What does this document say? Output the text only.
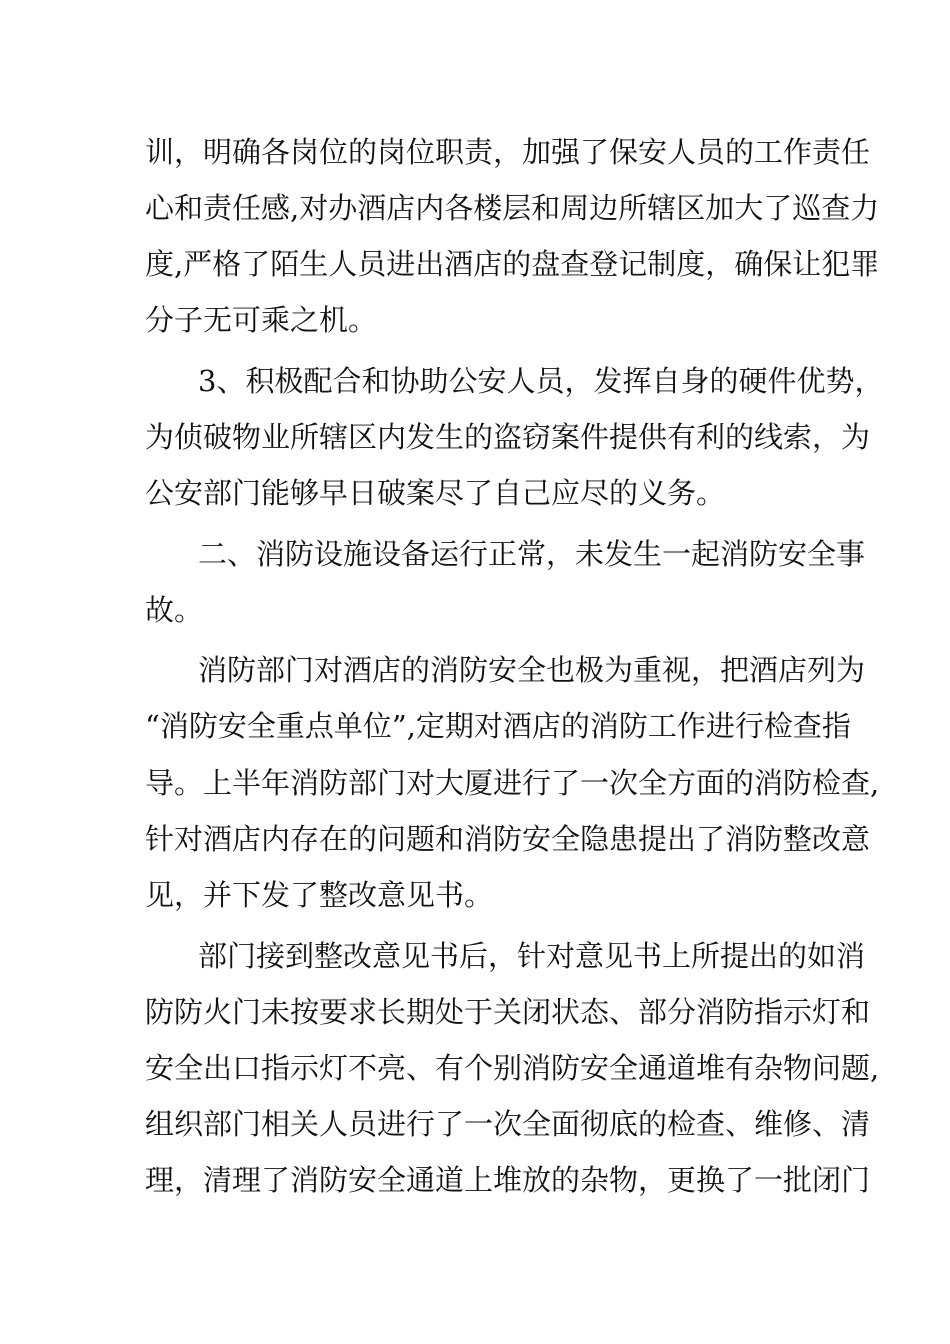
训，明确各岗位的岗位职责，加强了保安人员的工作责任
心和责任感,对办酒店内各楼层和周边所辖区加大了巡查力
度,严格了陌生人员进出酒店的盘查登记制度，确保让犯罪
分子无可乘之机。
3、积极配合和协助公安人员，发挥自身的硬件优势，
为侦破物业所辖区内发生的盗窃案件提供有利的线索，为
公安部门能够早日破案尽了自己应尽的义务。
二、消防设施设备运行正常，未发生一起消防安全事
故。
消防部门对酒店的消防安全也极为重视，把酒店列为
“消防安全重点单位”,定期对酒店的消防工作进行检查指
导。上半年消防部门对大厦进行了一次全方面的消防检查,
针对酒店内存在的问题和消防安全隐患提出了消防整改意
见，并下发了整改意见书。
部门接到整改意见书后，针对意见书上所提出的如消
防防火门未按要求长期处于关闭状态、部分消防指示灯和
安全出口指示灯不亮、有个别消防安全通道堆有杂物问题,
组织部门相关人员进行了一次全面彻底的检查、维修、清
理，清理了消防安全通道上堆放的杂物，更换了一批闭门
